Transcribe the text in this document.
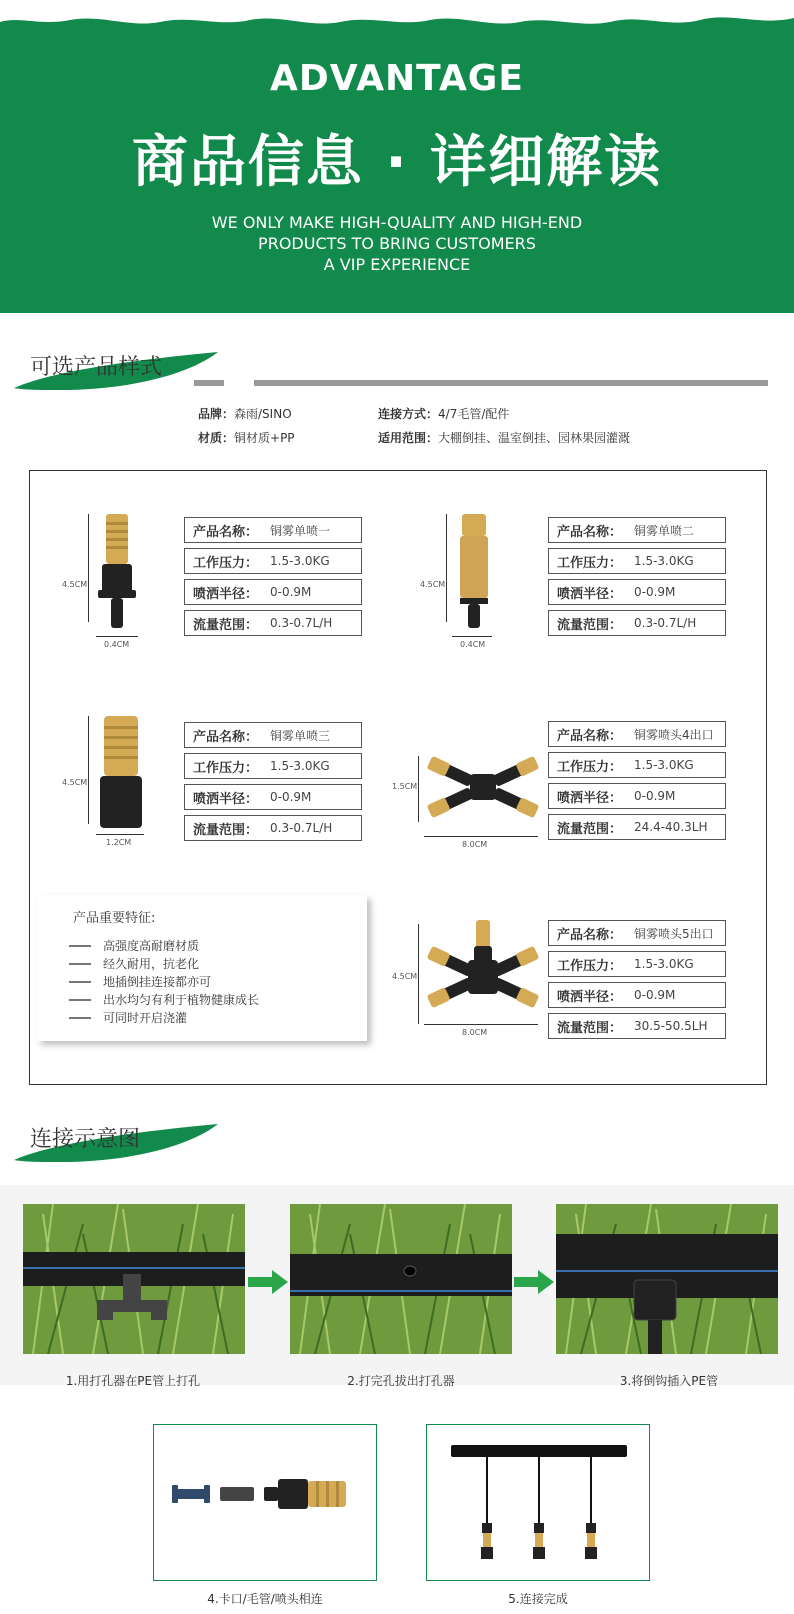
ADVANTAGE
商品信息 · 详细解读
WE ONLY MAKE HIGH-QUALITY AND HIGH-END
PRODUCTS TO BRING CUSTOMERS
A VIP EXPERIENCE
可选产品样式
品牌：森雨/SINO	连接方式：4/7毛管/配件
材质：铜材质+PP	适用范围：大棚倒挂、温室倒挂、园林果园灌溉
4.5CM
0.4CM
产品名称：	铜雾单喷一
工作压力：	1.5-3.0KG
喷洒半径：	0-0.9M
流量范围：	0.3-0.7L/H
4.5CM
0.4CM
产品名称：	铜雾单喷二
工作压力：	1.5-3.0KG
喷洒半径：	0-0.9M
流量范围：	0.3-0.7L/H
4.5CM
1.2CM
产品名称：	铜雾单喷三
工作压力：	1.5-3.0KG
喷洒半径：	0-0.9M
流量范围：	0.3-0.7L/H
1.5CM
8.0CM
产品名称：	铜雾喷头4出口
工作压力：	1.5-3.0KG
喷洒半径：	0-0.9M
流量范围：	24.4-40.3LH
产品重要特征:
高强度高耐磨材质
经久耐用，抗老化
地插倒挂连接都亦可
出水均匀有利于植物健康成长
可同时开启浇灌
4.5CM
8.0CM
产品名称：	铜雾喷头5出口
工作压力：	1.5-3.0KG
喷洒半径：	0-0.9M
流量范围：	30.5-50.5LH
连接示意图
1.用打孔器在PE管上打孔	2.打完孔拔出打孔器	3.将倒钩插入PE管
4.卡口/毛管/喷头相连	5.连接完成
